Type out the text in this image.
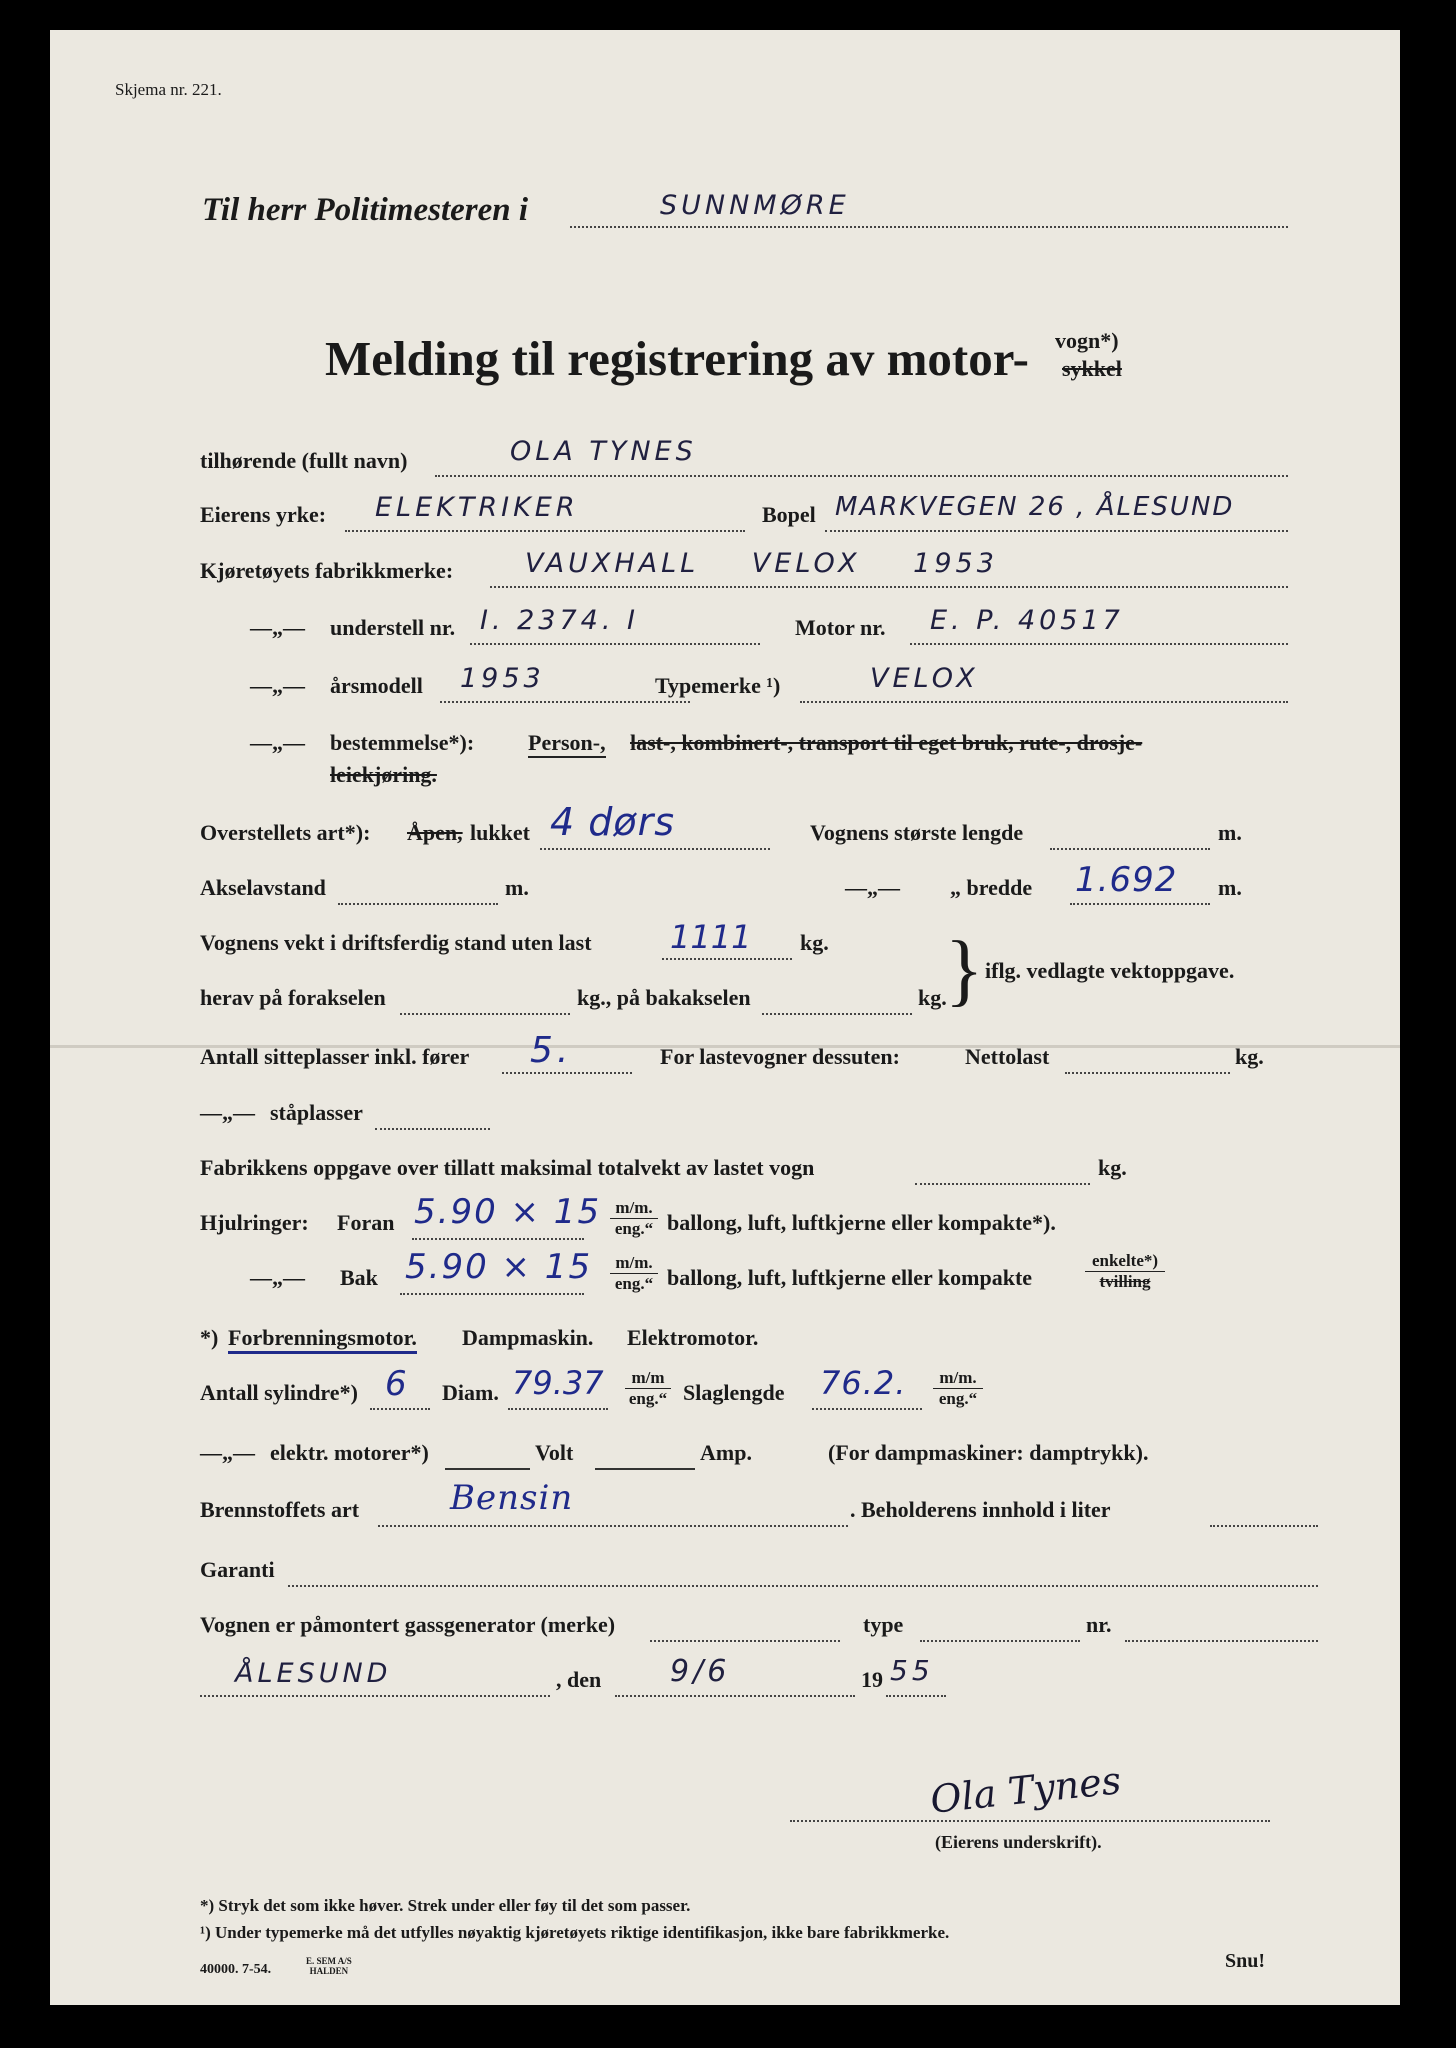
Skjema nr. 221.
Til herr Politimesteren i	SUNNMØRE
Melding til registrering av motor- vogn*)
sykkel
tilhørende (fullt navn)	OLA TYNES
Eierens yrke: ELEKTRIKER	Bopel MARKVEGEN 26 , ÅLESUND
Kjøretøyets fabrikkmerke:	VAUXHALL VELOX 1953
—„— understell nr. I. 2374. I	Motor nr. E. P. 40517
—„— årsmodell 1953	Typemerke ¹)	VELOX
—„— bestemmelse*): Person-, last-, kombinert-, transport til eget bruk, rute-, drosje-
leiekjøring.
Overstellets art*): Åpen, lukket 4 dørs	Vognens største lengde	m.
Akselavstand	m.	—„— „ bredde 1.692 m.
Vognens vekt i driftsferdig stand uten last 1111 kg.
herav på forakselen	kg., på bakakselen	kg.
} iflg. vedlagte vektoppgave.
Antall sitteplasser inkl. fører 5.	For lastevogner dessuten:	Nettolast	kg.
—„— ståplasser
Fabrikkens oppgave over tillatt maksimal totalvekt av lastet vogn	kg.
Hjulringer: Foran 5.90 × 15 m/m.
eng.“ ballong, luft, luftkjerne eller kompakte*).
—„— Bak 5.90 × 15	m/m.
eng.“ ballong, luft, luftkjerne eller kompakte
enkelte*)
tvilling
*) Forbrenningsmotor. Dampmaskin. Elektromotor.
Antall sylindre*) 6 Diam. 79.37	m/m
eng.“ Slaglengde 76.2.	m/m.
eng.“
—„— elektr. motorer*)	Volt	Amp.	(For dampmaskiner: damptrykk).
Brennstoffets art	Bensin	. Beholderens innhold i liter
Garanti
Vognen er påmontert gassgenerator (merke)	type	nr.
ÅLESUND	, den 9/6	19 55
Ola Tynes
(Eierens underskrift).
*) Stryk det som ikke høver. Strek under eller føy til det som passer.
¹) Under typemerke må det utfylles nøyaktig kjøretøyets riktige identifikasjon, ikke bare fabrikkmerke.
40000. 7-54.
E. SEM A/S
HALDEN	Snu!
